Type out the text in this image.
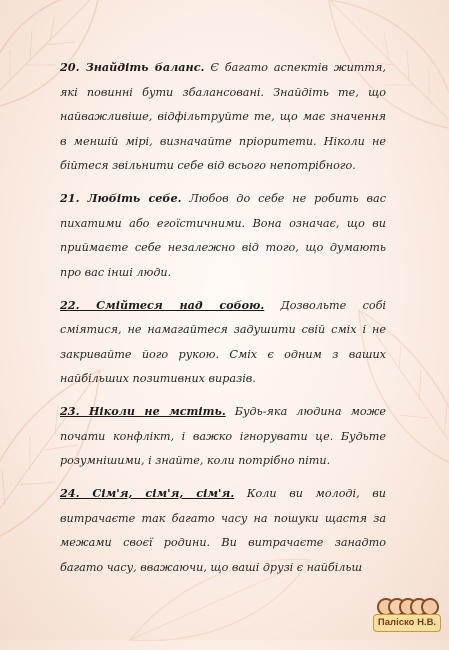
20. Знайдіть баланс. Є багато аспектів життя, які повинні бути збалансовані. Знайдіть те, що найважливіше, відфільтруйте те, що має значення в меншій мірі, визначайте пріоритети. Ніколи не бійтеся звільнити себе від всього непотрібного.

21. Любіть себе. Любов до себе не робить вас пихатими або егоїстичними. Вона означає, що ви приймаєте себе незалежно від того, що думають про вас інші люди.

22. Смійтеся над собою. Дозвольте собі сміятися, не намагайтеся задушити свій сміх і не закривайте його рукою. Сміх є одним з ваших найбільших позитивних виразів.

23. Ніколи не мстіть. Будь-яка людина може почати конфлікт, і важко ігнорувати це. Будьте розумнішими, і знайте, коли потрібно піти.

24. Сім'я, сім'я, сім'я. Коли ви молоді, ви витрачаєте так багато часу на пошуки щастя за межами своєї родини. Ви витрачаєте занадто багато часу, вважаючи, що ваші друзі є найбільш

Паліско Н.В.
